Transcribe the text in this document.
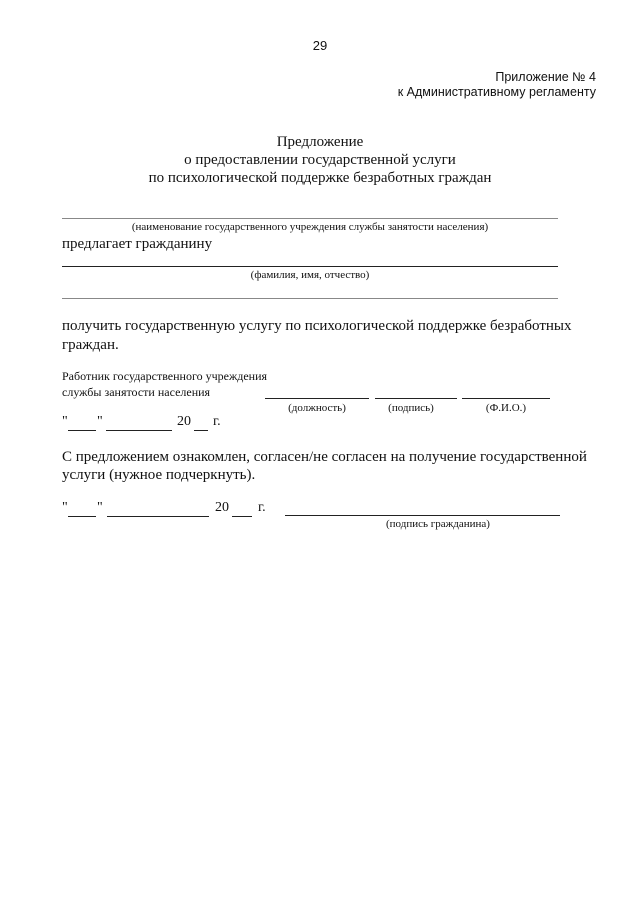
29
Приложение № 4
к Административному регламенту
Предложение
о предоставлении государственной услуги
по психологической поддержке безработных граждан
(наименование государственного учреждения службы занятости населения)
предлагает гражданину
(фамилия, имя, отчество)
получить государственную услугу по психологической поддержке безработных
граждан.
Работник государственного учреждения
службы занятости населения
(должность)	(подпись)	(Ф.И.О.)
" "	20 г.
С предложением ознакомлен, согласен/не согласен на получение государственной
услуги (нужное подчеркнуть).
" "	20 г.
(подпись гражданина)
